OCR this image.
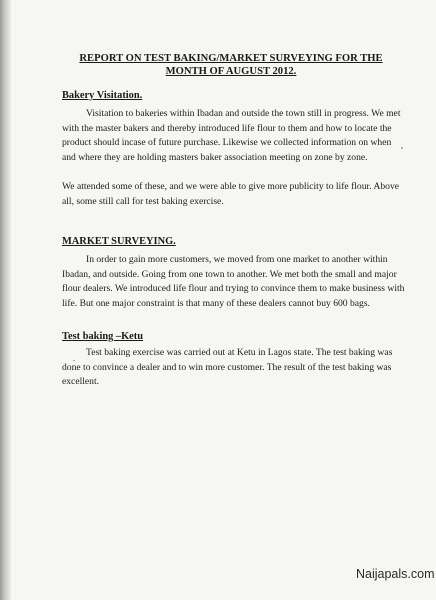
REPORT ON TEST BAKING/MARKET SURVEYING FOR THE MONTH OF AUGUST 2012.
Bakery Visitation.

Visitation to bakeries within Ibadan and outside the town still in progress. We met with the master bakers and thereby introduced life flour to them and how to locate the product should incase of future purchase. Likewise we collected information on when and where they are holding masters baker association meeting on zone by zone.

We attended some of these, and we were able to give more publicity to life flour. Above all, some still call for test baking exercise.

MARKET SURVEYING.

In order to gain more customers, we moved from one market to another within Ibadan, and outside. Going from one town to another. We met both the small and major flour dealers. We introduced life flour and trying to convince them to make business with life. But one major constraint is that many of these dealers cannot buy 600 bags.

Test baking –Ketu
.

Test baking exercise was carried out at Ketu in Lagos state. The test baking was done to convince a dealer and to win more customer. The result of the test baking was excellent.

Naijapals.com
